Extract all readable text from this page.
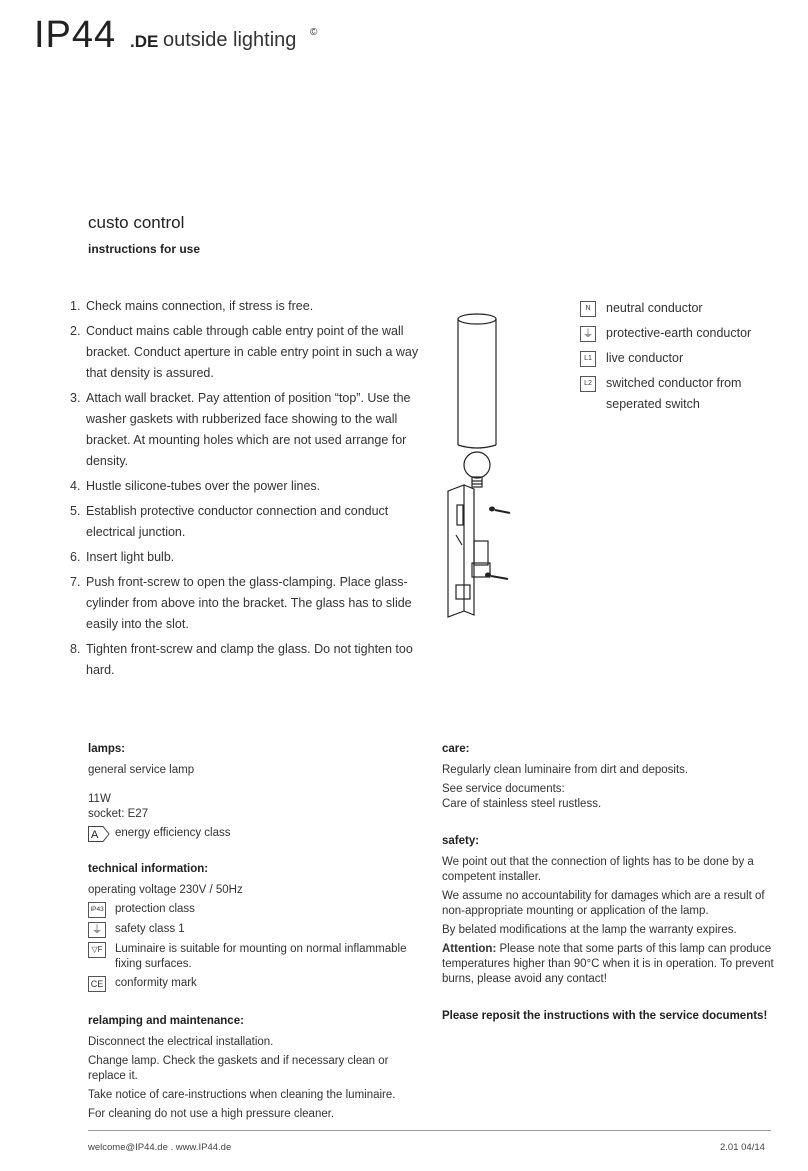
IP44 .DE outside lighting ©
custo control
instructions for use
1. Check mains connection, if stress is free.
2. Conduct mains cable through cable entry point of the wall bracket. Conduct aperture in cable entry point in such a way that density is assured.
3. Attach wall bracket. Pay attention of position “top”. Use the washer gaskets with rubberized face showing to the wall bracket. At mounting holes which are not used arrange for density.
4. Hustle silicone-tubes over the power lines.
5. Establish protective conductor connection and conduct electrical junction.
6. Insert light bulb.
7. Push front-screw to open the glass-clamping. Place glass-cylinder from above into the bracket. The glass has to slide easily into the slot.
8. Tighten front-screw and clamp the glass. Do not tighten too hard.
N	neutral conductor
⏚ protective-earth conductor
L1	live conductor
L2	switched conductor from seperated switch
lamps:

general service lamp

11W

socket: E27

A energy efficiency class
technical information:

operating voltage 230V / 50Hz

IP43 protection class
⏚	safety class 1
▽F	Luminaire is suitable for mounting on normal inflammable fixing surfaces.
CE conformity mark
relamping and maintenance:

Disconnect the electrical installation.

Change lamp. Check the gaskets and if necessary clean or replace it.

Take notice of care-instructions when cleaning the luminaire.

For cleaning do not use a high pressure cleaner.

care:

Regularly clean luminaire from dirt and deposits.

See service documents:

Care of stainless steel rustless.

safety:

We point out that the connection of lights has to be done by a competent installer.

We assume no accountability for damages which are a result of non-appropriate mounting or application of the lamp.

By belated modifications at the lamp the warranty expires.

Attention: Please note that some parts of this lamp can produce temperatures higher than 90°C when it is in operation. To prevent burns, please avoid any contact!

Please reposit the instructions with the service documents!

welcome@IP44.de . www.IP44.de	2.01 04/14
